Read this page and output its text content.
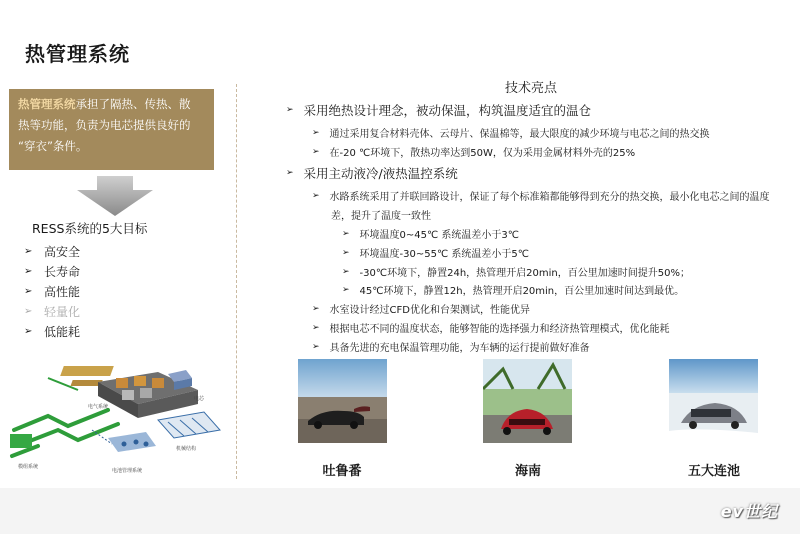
热管理系统
热管理系统承担了隔热、传热、散
热等功能，负责为电芯提供良好的
“穿衣”条件。
RESS系统的5大目标
➢ 高安全
➢ 长寿命
➢ 高性能
➢ 轻量化
➢ 低能耗
电气系统
电芯
模组系统
机械结构
电池管理系统
技术亮点
➢ 采用绝热设计理念，被动保温，构筑温度适宜的温仓
➢ 通过采用复合材料壳体、云母片、保温棉等，最大限度的减少环境与电芯之间的热交换
➢ 在-20 ℃环境下，散热功率达到50W，仅为采用金属材料外壳的25%
➢ 采用主动液冷/液热温控系统
➢ 水路系统采用了并联回路设计，保证了每个标准箱都能够得到充分的热交换，最小化电芯之间的温度
差，提升了温度一致性
➢ 环境温度0~45℃ 系统温差小于3℃
➢ 环境温度-30~55℃ 系统温差小于5℃
➢ -30℃环境下，静置24h，热管理开启20min，百公里加速时间提升50%；
➢ 45℃环境下，静置12h，热管理开启20min，百公里加速时间达到最优。
➢ 水室设计经过CFD优化和台架测试，性能优异
➢ 根据电芯不同的温度状态，能够智能的选择强力和经济热管理模式，优化能耗
➢ 具备先进的充电保温管理功能，为车辆的运行提前做好准备
吐鲁番	海南	五大连池
ev世纪
